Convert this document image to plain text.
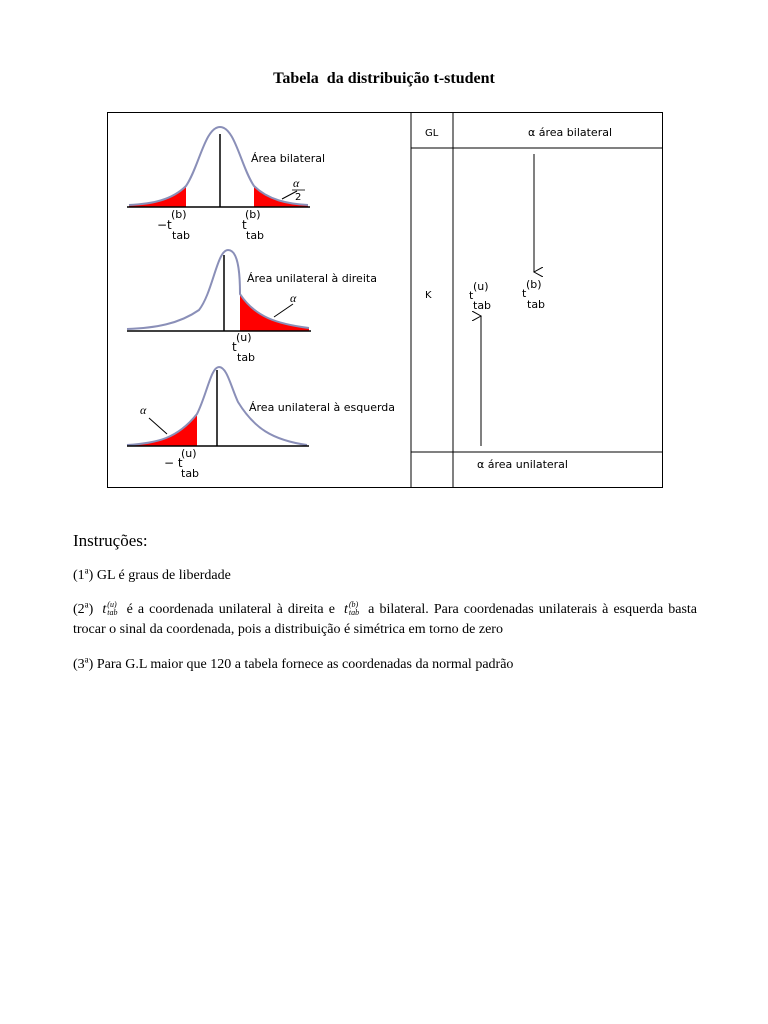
Tabela  da distribuição t-student
Área bilateral
α
2
−t
(b)
tab
t
(b)
tab
Área unilateral à direita
α
t
(u)
tab
Área unilateral à esquerda
α
− t
(u)
tab
GL
K
α área bilateral
α área unilateral
t
(u)
tab
t
(b)
tab
Instruções:
(1$^a$) GL é graus de liberdade
(2$^a$) t (u)
tab é a coordenada unilateral à direita e t (b)
tab a bilateral. Para coordenadas unilaterais à esquerda basta trocar o sinal da coordenada, pois a distribuição é simétrica em torno de zero
(3$^a$) Para G.L maior que 120 a tabela fornece as coordenadas da normal padrão
